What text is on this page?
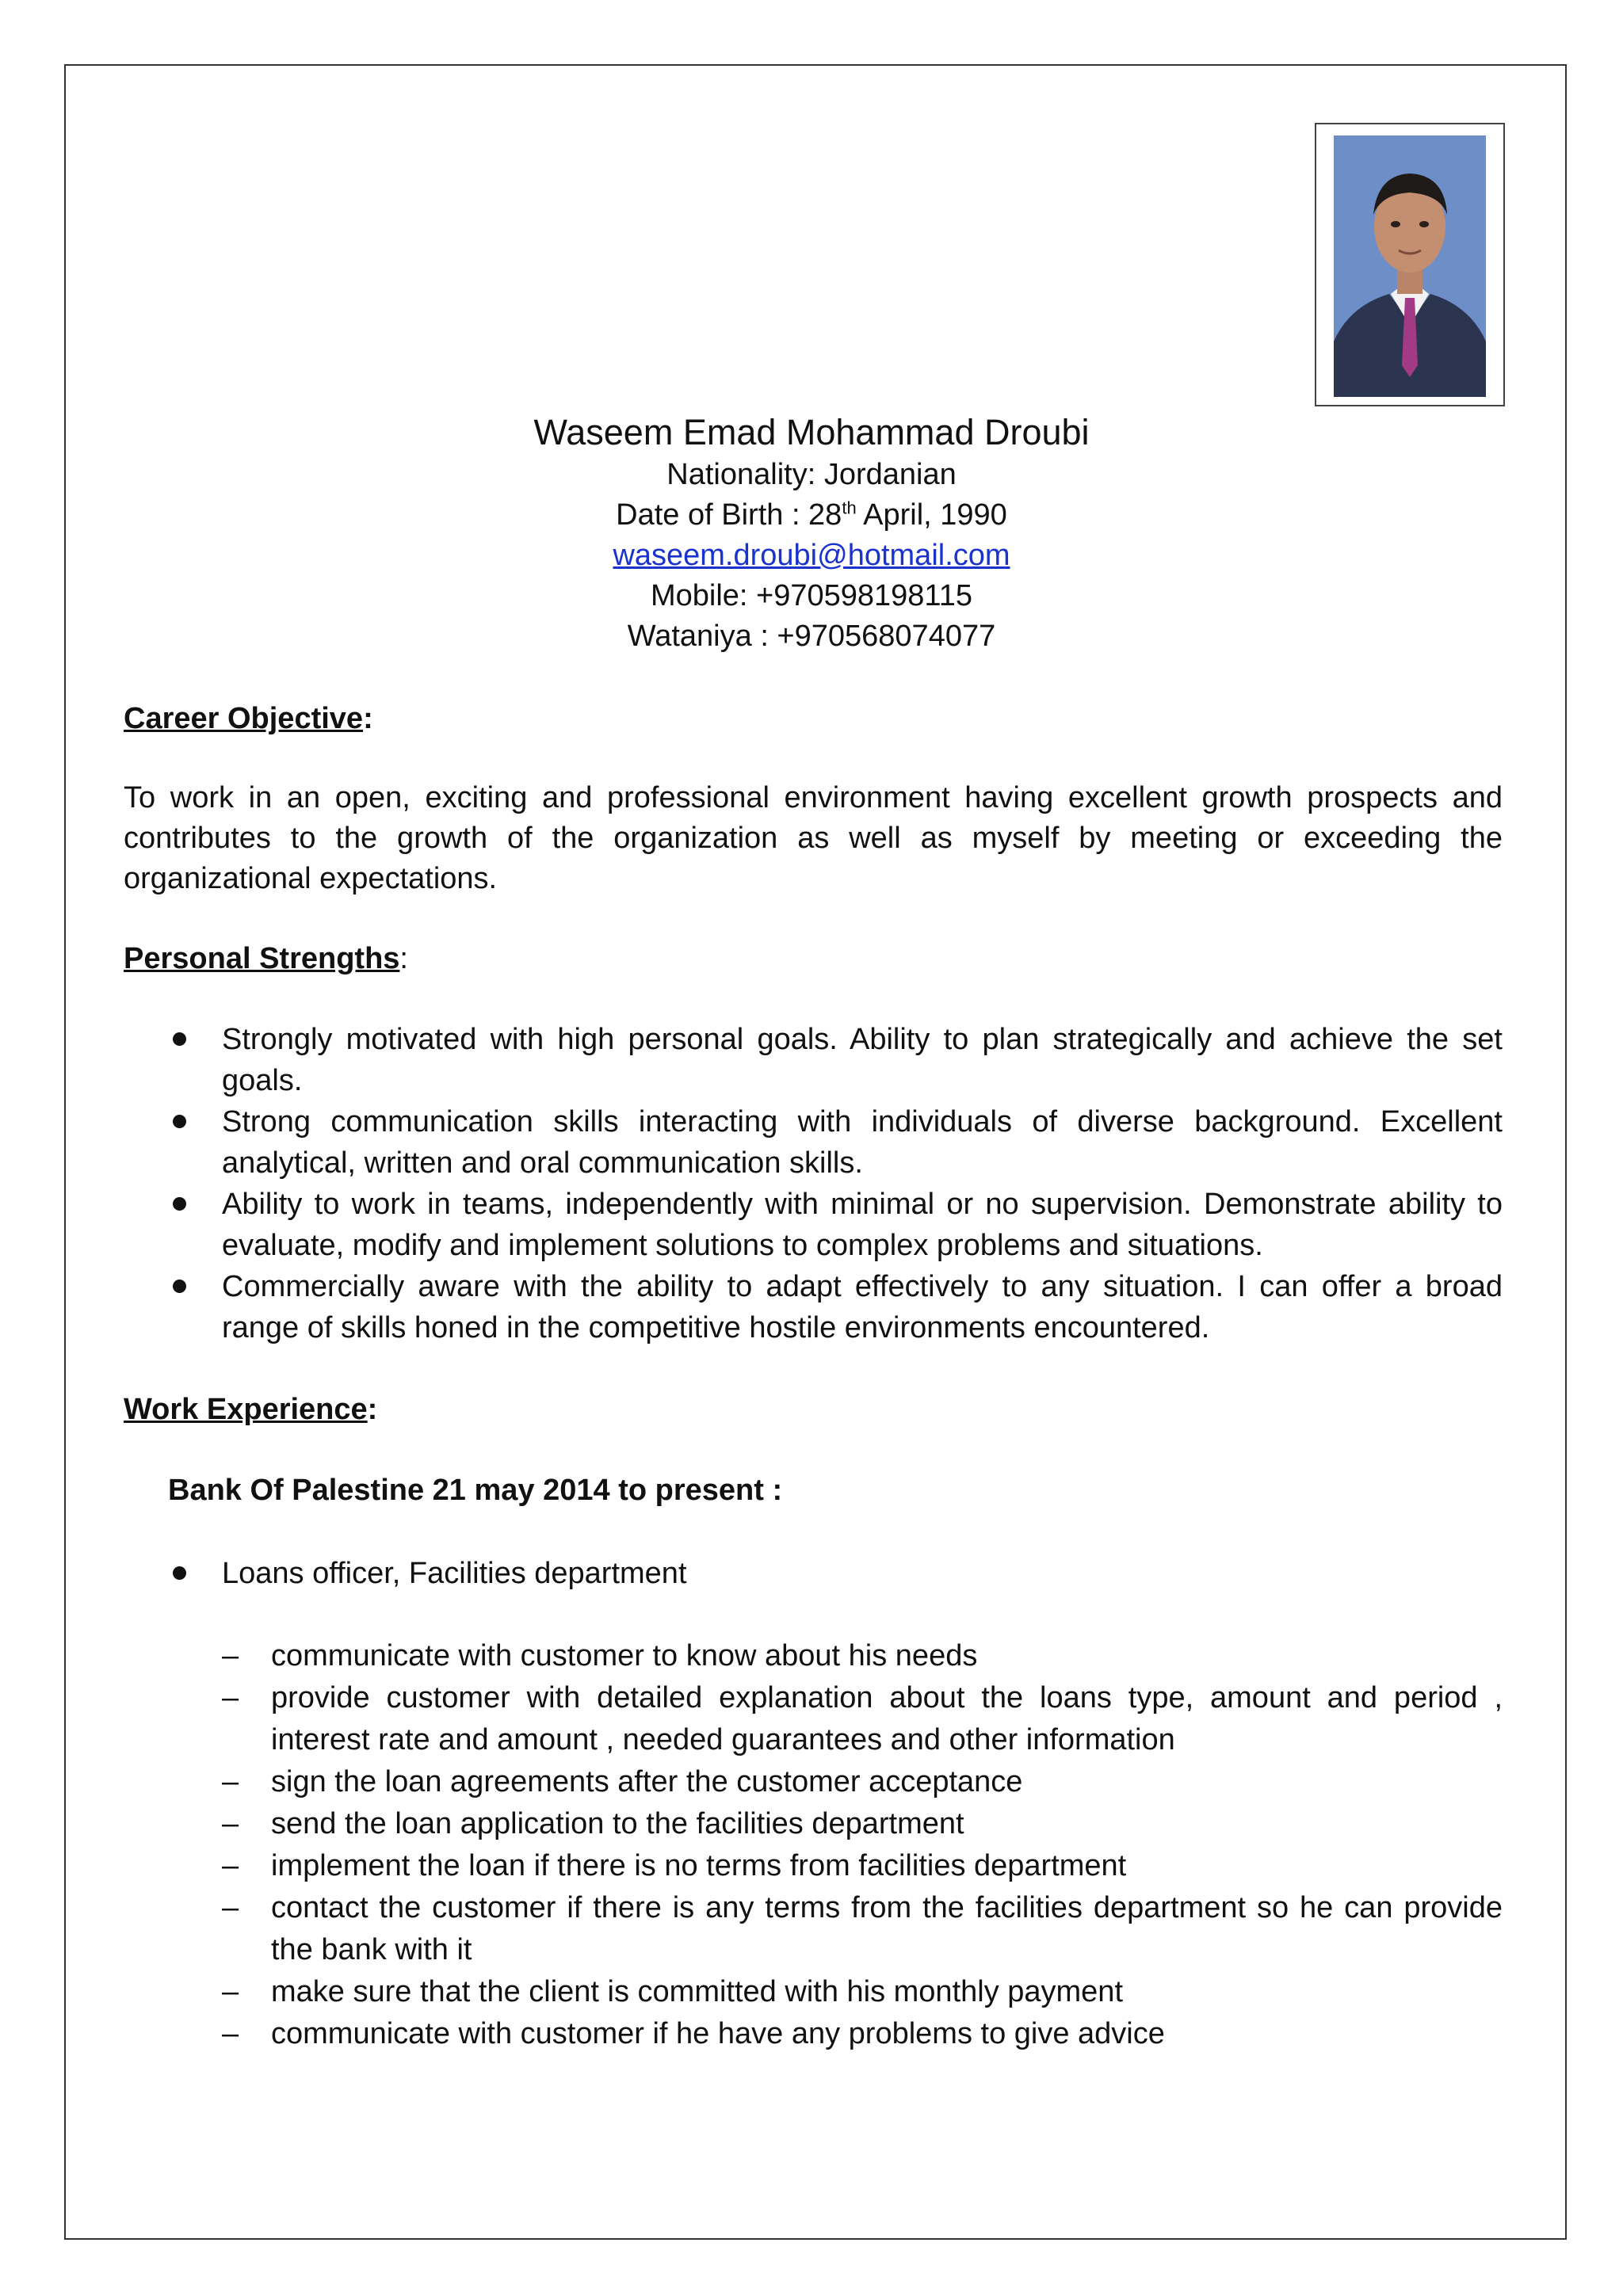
Waseem Emad Mohammad Droubi
Nationality: Jordanian
Date of Birth : 28th April, 1990
waseem.droubi@hotmail.com
Mobile: +970598198115
Wataniya : +970568074077
Career Objective:
To work in an open, exciting and professional environment having excellent growth prospects and contributes to the growth of the organization as well as myself by meeting or exceeding the organizational expectations.
Personal Strengths:
Strongly motivated with high personal goals. Ability to plan strategically and achieve the set goals.
Strong communication skills interacting with individuals of diverse background. Excellent analytical, written and oral communication skills.
Ability to work in teams, independently with minimal or no supervision. Demonstrate ability to evaluate, modify and implement solutions to complex problems and situations.
Commercially aware with the ability to adapt effectively to any situation. I can offer a broad range of skills honed in the competitive hostile environments encountered.
Work Experience:
Bank Of Palestine 21 may 2014 to present :
Loans officer, Facilities department
– communicate with customer to know about his needs
– provide customer with detailed explanation about the loans type, amount and period , interest rate and amount , needed guarantees and other information
– sign the loan agreements after the customer acceptance
– send the loan application to the facilities department
– implement the loan if there is no terms from facilities department
– contact the customer if there is any terms from the facilities department so he can provide the bank with it
– make sure that the client is committed with his monthly payment
– communicate with customer if he have any problems to give advice
